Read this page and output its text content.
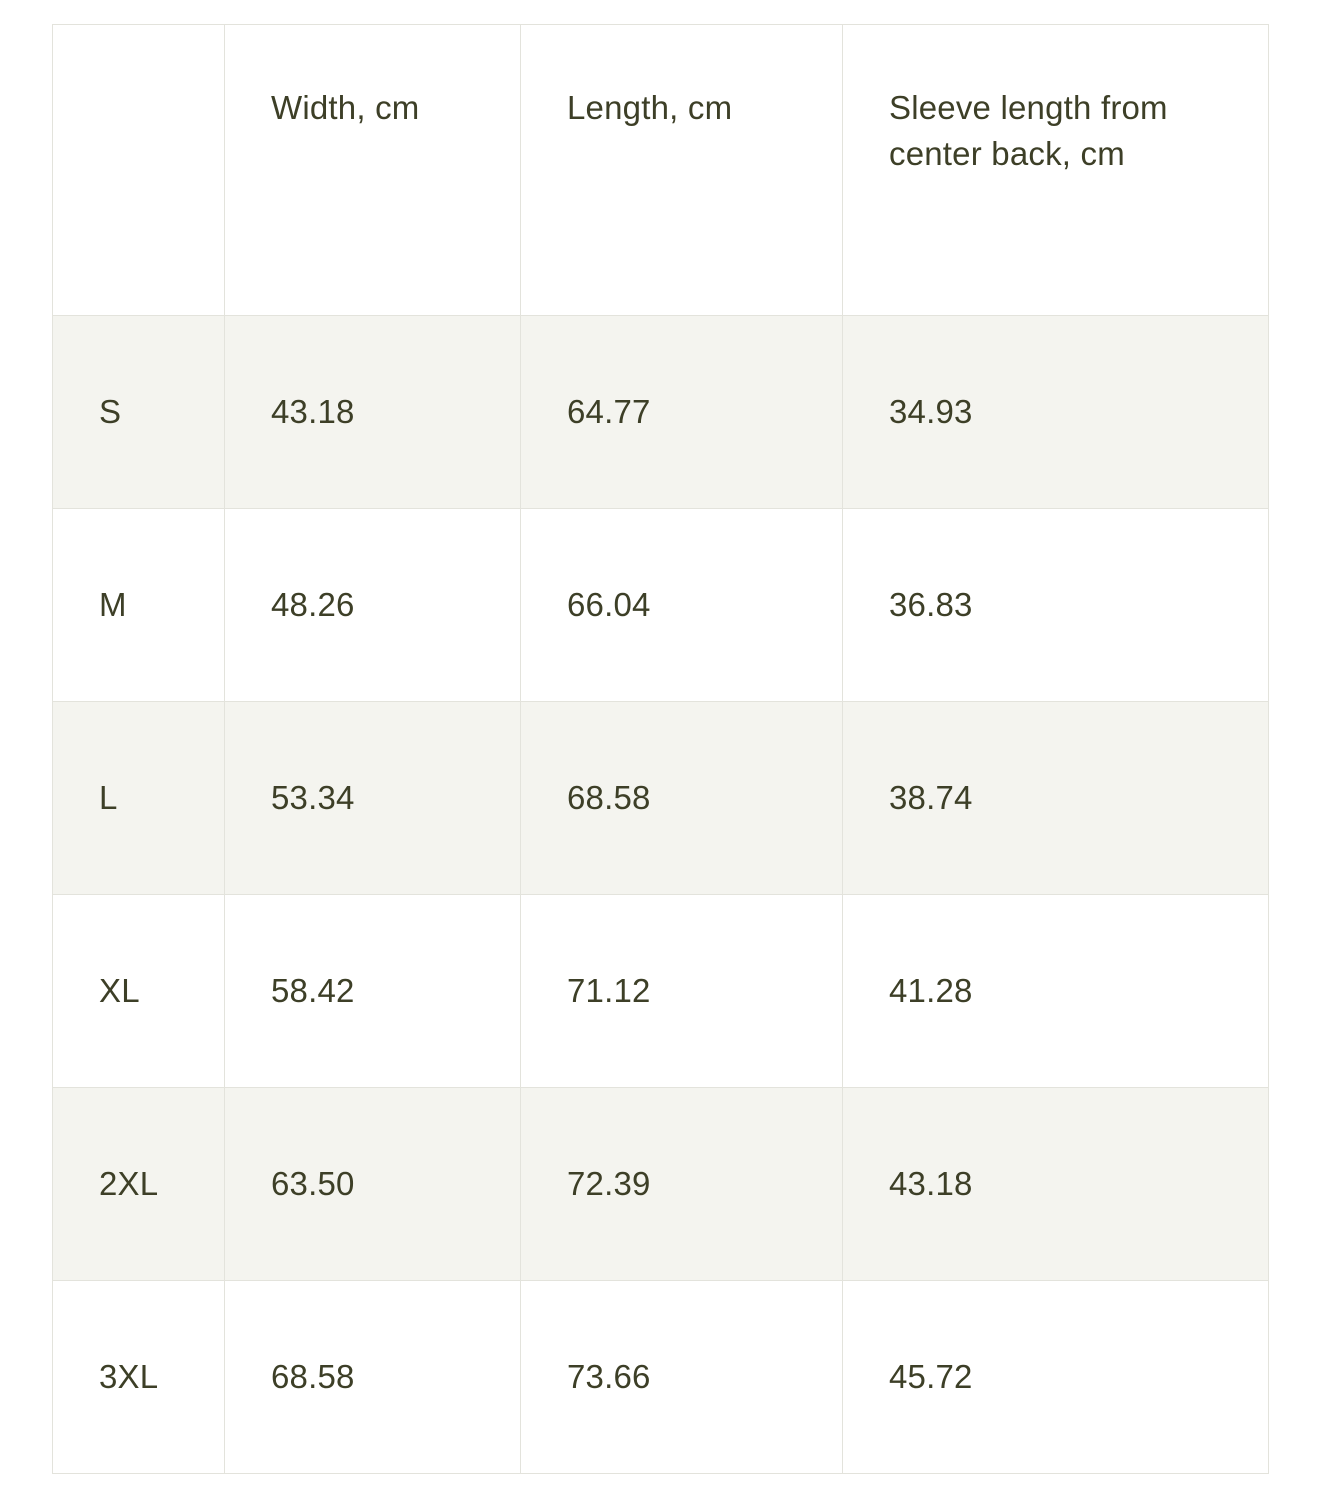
	Width, cm	Length, cm	Sleeve length from center back, cm

S	43.18	64.77	34.93
M	48.26	66.04	36.83
L	53.34	68.58	38.74
XL	58.42	71.12	41.28
2XL	63.50	72.39	43.18
3XL	68.58	73.66	45.72
